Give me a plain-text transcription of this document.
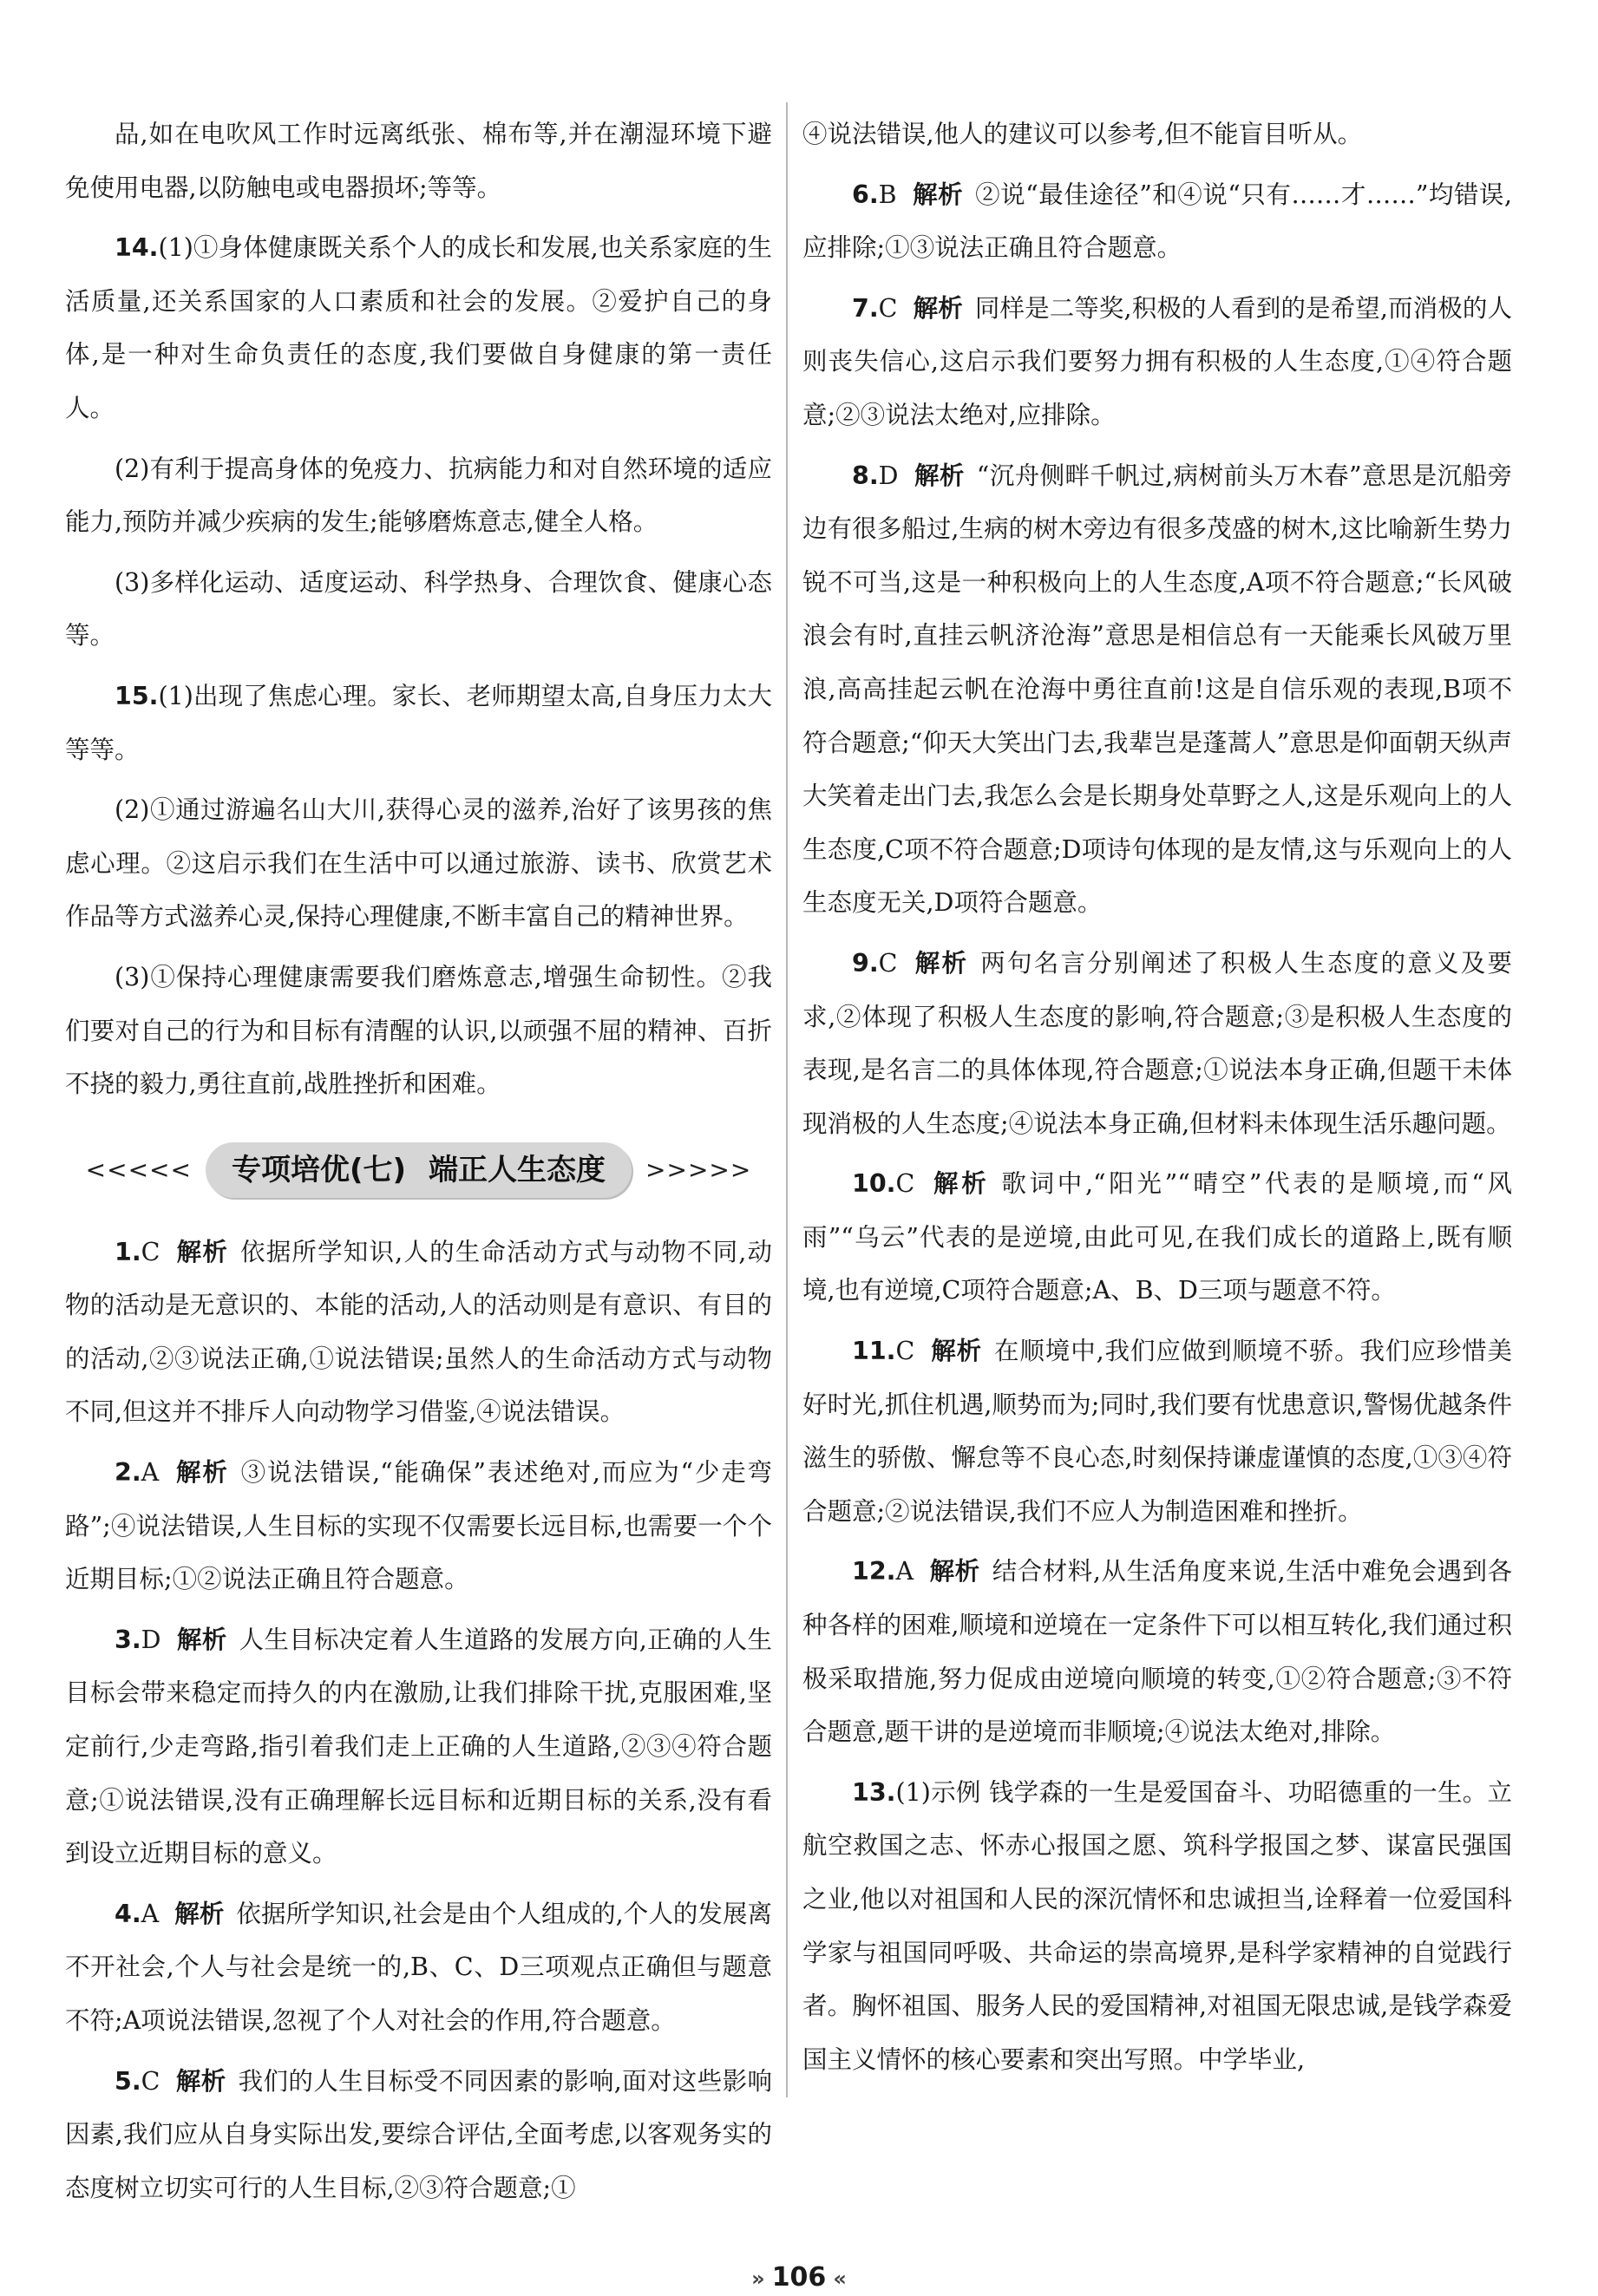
品,如在电吹风工作时远离纸张、棉布等,并在潮湿环境下避免使用电器,以防触电或电器损坏;等等。

14.(1)①身体健康既关系个人的成长和发展,也关系家庭的生活质量,还关系国家的人口素质和社会的发展。②爱护自己的身体,是一种对生命负责任的态度,我们要做自身健康的第一责任人。

(2)有利于提高身体的免疫力、抗病能力和对自然环境的适应能力,预防并减少疾病的发生;能够磨炼意志,健全人格。

(3)多样化运动、适度运动、科学热身、合理饮食、健康心态等。

15.(1)出现了焦虑心理。家长、老师期望太高,自身压力太大等等。

(2)①通过游遍名山大川,获得心灵的滋养,治好了该男孩的焦虑心理。②这启示我们在生活中可以通过旅游、读书、欣赏艺术作品等方式滋养心灵,保持心理健康,不断丰富自己的精神世界。

(3)①保持心理健康需要我们磨炼意志,增强生命韧性。②我们要对自己的行为和目标有清醒的认识,以顽强不屈的精神、百折不挠的毅力,勇往直前,战胜挫折和困难。

<<<<<	专项培优(七) 端正人生态度	>>>>>

1.C 解析 依据所学知识,人的生命活动方式与动物不同,动物的活动是无意识的、本能的活动,人的活动则是有意识、有目的的活动,②③说法正确,①说法错误;虽然人的生命活动方式与动物不同,但这并不排斥人向动物学习借鉴,④说法错误。

2.A 解析 ③说法错误,“能确保”表述绝对,而应为“少走弯路”;④说法错误,人生目标的实现不仅需要长远目标,也需要一个个近期目标;①②说法正确且符合题意。

3.D 解析 人生目标决定着人生道路的发展方向,正确的人生目标会带来稳定而持久的内在激励,让我们排除干扰,克服困难,坚定前行,少走弯路,指引着我们走上正确的人生道路,②③④符合题意;①说法错误,没有正确理解长远目标和近期目标的关系,没有看到设立近期目标的意义。

4.A 解析 依据所学知识,社会是由个人组成的,个人的发展离不开社会,个人与社会是统一的,B、C、D三项观点正确但与题意不符;A项说法错误,忽视了个人对社会的作用,符合题意。

5.C 解析 我们的人生目标受不同因素的影响,面对这些影响因素,我们应从自身实际出发,要综合评估,全面考虑,以客观务实的态度树立切实可行的人生目标,②③符合题意;①

④说法错误,他人的建议可以参考,但不能盲目听从。

6.B 解析 ②说“最佳途径”和④说“只有……才……”均错误,应排除;①③说法正确且符合题意。

7.C 解析 同样是二等奖,积极的人看到的是希望,而消极的人则丧失信心,这启示我们要努力拥有积极的人生态度,①④符合题意;②③说法太绝对,应排除。

8.D 解析 “沉舟侧畔千帆过,病树前头万木春”意思是沉船旁边有很多船过,生病的树木旁边有很多茂盛的树木,这比喻新生势力锐不可当,这是一种积极向上的人生态度,A项不符合题意;“长风破浪会有时,直挂云帆济沧海”意思是相信总有一天能乘长风破万里浪,高高挂起云帆在沧海中勇往直前!这是自信乐观的表现,B项不符合题意;“仰天大笑出门去,我辈岂是蓬蒿人”意思是仰面朝天纵声大笑着走出门去,我怎么会是长期身处草野之人,这是乐观向上的人生态度,C项不符合题意;D项诗句体现的是友情,这与乐观向上的人生态度无关,D项符合题意。

9.C 解析 两句名言分别阐述了积极人生态度的意义及要求,②体现了积极人生态度的影响,符合题意;③是积极人生态度的表现,是名言二的具体体现,符合题意;①说法本身正确,但题干未体现消极的人生态度;④说法本身正确,但材料未体现生活乐趣问题。

10.C 解析 歌词中,“阳光”“晴空”代表的是顺境,而“风雨”“乌云”代表的是逆境,由此可见,在我们成长的道路上,既有顺境,也有逆境,C项符合题意;A、B、D三项与题意不符。

11.C 解析 在顺境中,我们应做到顺境不骄。我们应珍惜美好时光,抓住机遇,顺势而为;同时,我们要有忧患意识,警惕优越条件滋生的骄傲、懈怠等不良心态,时刻保持谦虚谨慎的态度,①③④符合题意;②说法错误,我们不应人为制造困难和挫折。

12.A 解析 结合材料,从生活角度来说,生活中难免会遇到各种各样的困难,顺境和逆境在一定条件下可以相互转化,我们通过积极采取措施,努力促成由逆境向顺境的转变,①②符合题意;③不符合题意,题干讲的是逆境而非顺境;④说法太绝对,排除。

13.(1)示例 钱学森的一生是爱国奋斗、功昭德重的一生。立航空救国之志、怀赤心报国之愿、筑科学报国之梦、谋富民强国之业,他以对祖国和人民的深沉情怀和忠诚担当,诠释着一位爱国科学家与祖国同呼吸、共命运的崇高境界,是科学家精神的自觉践行者。胸怀祖国、服务人民的爱国精神,对祖国无限忠诚,是钱学森爱国主义情怀的核心要素和突出写照。中学毕业,

» 106 «
